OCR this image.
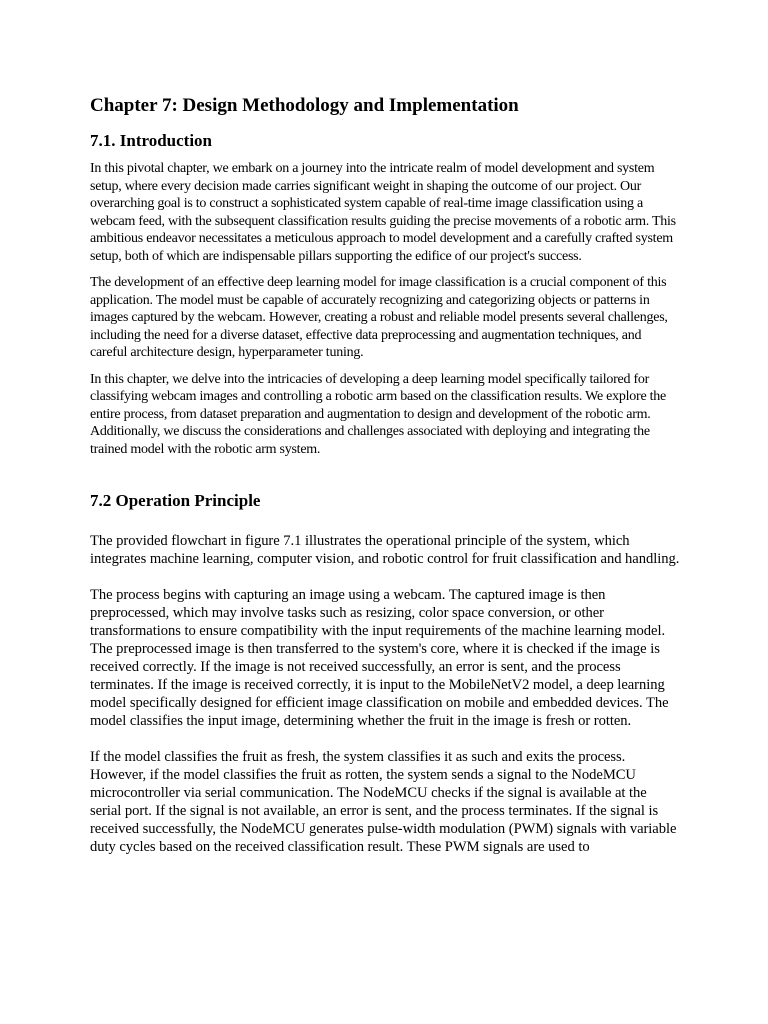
Chapter 7: Design Methodology and Implementation
7.1. Introduction

In this pivotal chapter, we embark on a journey into the intricate realm of model development and system setup, where every decision made carries significant weight in shaping the outcome of our project. Our overarching goal is to construct a sophisticated system capable of real-time image classification using a webcam feed, with the subsequent classification results guiding the precise movements of a robotic arm. This ambitious endeavor necessitates a meticulous approach to model development and a carefully crafted system setup, both of which are indispensable pillars supporting the edifice of our project's success.

The development of an effective deep learning model for image classification is a crucial component of this application. The model must be capable of accurately recognizing and categorizing objects or patterns in images captured by the webcam. However, creating a robust and reliable model presents several challenges, including the need for a diverse dataset, effective data preprocessing and augmentation techniques, and careful architecture design, hyperparameter tuning.

In this chapter, we delve into the intricacies of developing a deep learning model specifically tailored for classifying webcam images and controlling a robotic arm based on the classification results. We explore the entire process, from dataset preparation and augmentation to design and development of the robotic arm. Additionally, we discuss the considerations and challenges associated with deploying and integrating the trained model with the robotic arm system.

7.2 Operation Principle

The provided flowchart in figure 7.1 illustrates the operational principle of the system, which integrates machine learning, computer vision, and robotic control for fruit classification and handling.

The process begins with capturing an image using a webcam. The captured image is then preprocessed, which may involve tasks such as resizing, color space conversion, or other transformations to ensure compatibility with the input requirements of the machine learning model. The preprocessed image is then transferred to the system's core, where it is checked if the image is received correctly. If the image is not received successfully, an error is sent, and the process terminates. If the image is received correctly, it is input to the MobileNetV2 model, a deep learning model specifically designed for efficient image classification on mobile and embedded devices. The model classifies the input image, determining whether the fruit in the image is fresh or rotten.

If the model classifies the fruit as fresh, the system classifies it as such and exits the process. However, if the model classifies the fruit as rotten, the system sends a signal to the NodeMCU microcontroller via serial communication. The NodeMCU checks if the signal is available at the serial port. If the signal is not available, an error is sent, and the process terminates. If the signal is received successfully, the NodeMCU generates pulse-width modulation (PWM) signals with variable duty cycles based on the received classification result. These PWM signals are used to
